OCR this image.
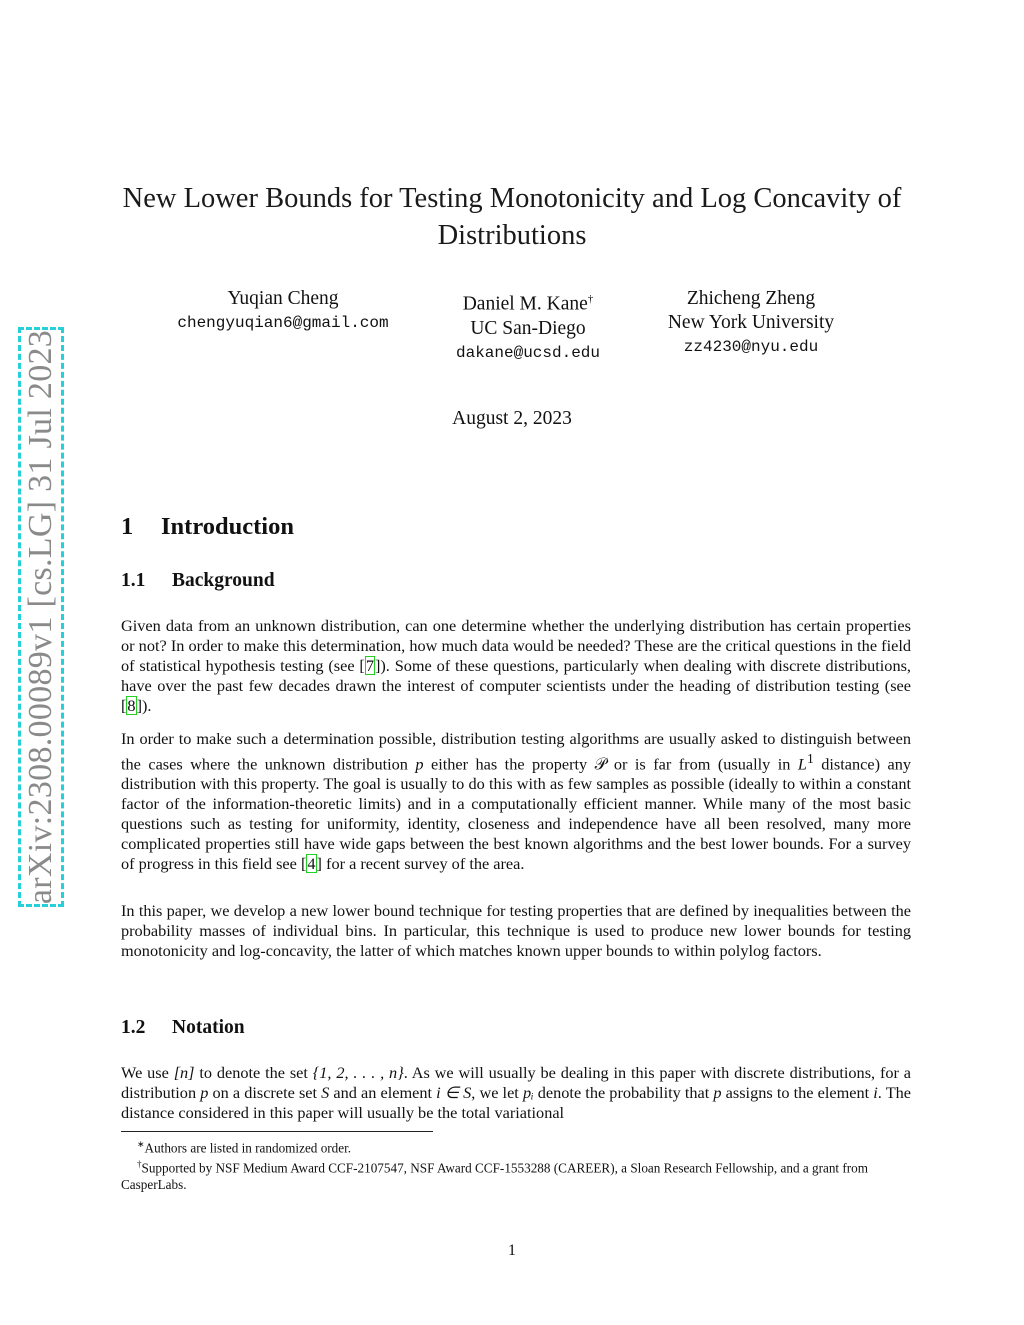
arXiv:2308.00089v1 [cs.LG] 31 Jul 2023
New Lower Bounds for Testing Monotonicity and Log Concavity of
Distributions
Yuqian Cheng
chengyuqian6@gmail.com
Daniel M. Kane†
UC San-Diego
dakane@ucsd.edu
Zhicheng Zheng
New York University
zz4230@nyu.edu
August 2, 2023
1 Introduction
1.1 Background
Given data from an unknown distribution, can one determine whether the underlying distribution has certain properties or not? In order to make this determination, how much data would be needed? These are the critical questions in the field of statistical hypothesis testing (see [7]). Some of these questions, particularly when dealing with discrete distributions, have over the past few decades drawn the interest of computer scientists under the heading of distribution testing (see [8]).
In order to make such a determination possible, distribution testing algorithms are usually asked to distinguish between the cases where the unknown distribution p either has the property 𝒫 or is far from (usually in $L^1$ distance) any distribution with this property. The goal is usually to do this with as few samples as possible (ideally to within a constant factor of the information-theoretic limits) and in a computationally efficient manner. While many of the most basic questions such as testing for uniformity, identity, closeness and independence have all been resolved, many more complicated properties still have wide gaps between the best known algorithms and the best lower bounds. For a survey of progress in this field see [4] for a recent survey of the area.
In this paper, we develop a new lower bound technique for testing properties that are defined by inequalities between the probability masses of individual bins. In particular, this technique is used to produce new lower bounds for testing monotonicity and log-concavity, the latter of which matches known upper bounds to within polylog factors.
1.2 Notation
We use [n] to denote the set {1, 2, . . . , n}. As we will usually be dealing in this paper with discrete distributions, for a distribution p on a discrete set S and an element i ∈ S, we let pᵢ denote the probability that p assigns to the element i. The distance considered in this paper will usually be the total variational
∗Authors are listed in randomized order.
†Supported by NSF Medium Award CCF-2107547, NSF Award CCF-1553288 (CAREER), a Sloan Research Fellowship, and a grant from CasperLabs.
1
